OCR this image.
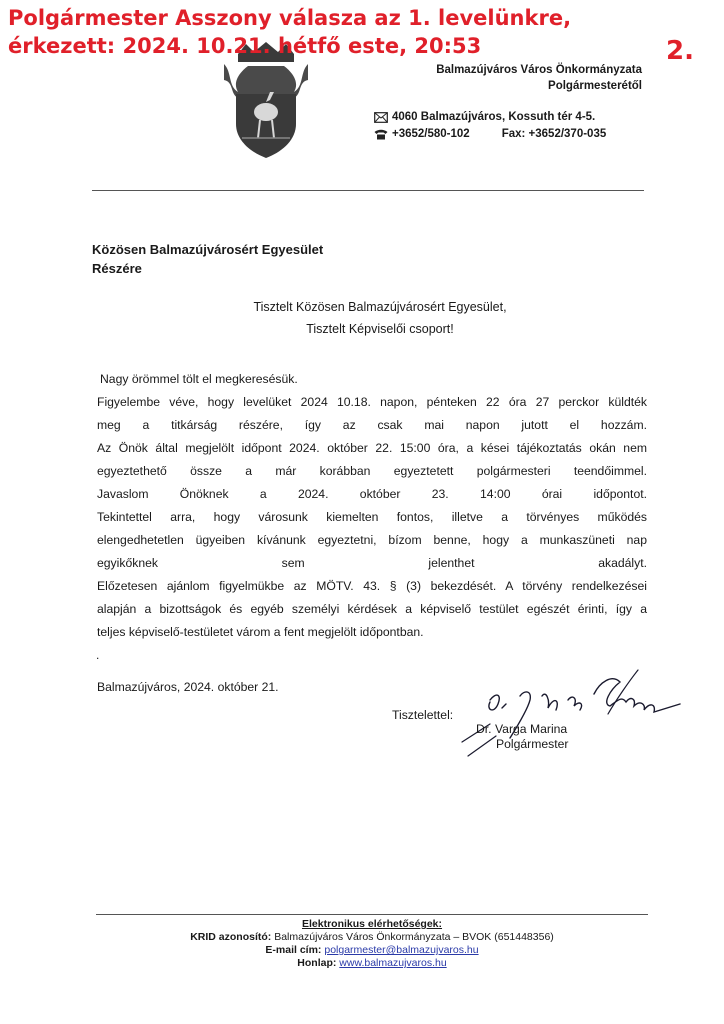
Polgármester Asszony válasza az 1. levelünkre,
érkezett: 2024. 10.21. hétfő este, 20:53	2.
Balmazújváros Város Önkormányzata
Polgármesterétől
4060 Balmazújváros, Kossuth tér 4-5.
+3652/580-102	Fax: +3652/370-035
Közösen Balmazújvárosért Egyesület
Részére
Tisztelt Közösen Balmazújvárosért Egyesület,
Tisztelt Képviselői csoport!

Nagy örömmel tölt el megkeresésük.

Figyelembe véve, hogy levelüket 2024 10.18. napon, pénteken 22 óra 27 perckor küldték

meg a titkárság részére, így az csak mai napon jutott el hozzám.

Az Önök által megjelölt időpont 2024. október 22. 15:00 óra, a kései tájékoztatás okán nem

egyeztethető össze a már korábban egyeztetett polgármesteri teendőimmel.

Javaslom Önöknek a 2024. október 23. 14:00 órai időpontot.

Tekintettel arra, hogy városunk kiemelten fontos, illetve a törvényes működés

elengedhetetlen ügyeiben kívánunk egyeztetni, bízom benne, hogy a munkaszüneti nap

egyikőknek sem jelenthet akadályt.

Előzetesen ajánlom figyelmükbe az MÖTV. 43. § (3) bekezdését. A törvény rendelkezései

alapján a bizottságok és egyéb személyi kérdések a képviselő testület egészét érinti, így a

teljes képviselő-testületet várom a fent megjelölt időpontban.

.
Balmazújváros, 2024. október 21.
Tisztelettel:
Dr. Varga Marina
Polgármester
Elektronikus elérhetőségek:
KRID azonosító: Balmazújváros Város Önkormányzata – BVOK (651448356)
E-mail cím: polgarmester@balmazujvaros.hu
Honlap: www.balmazujvaros.hu
